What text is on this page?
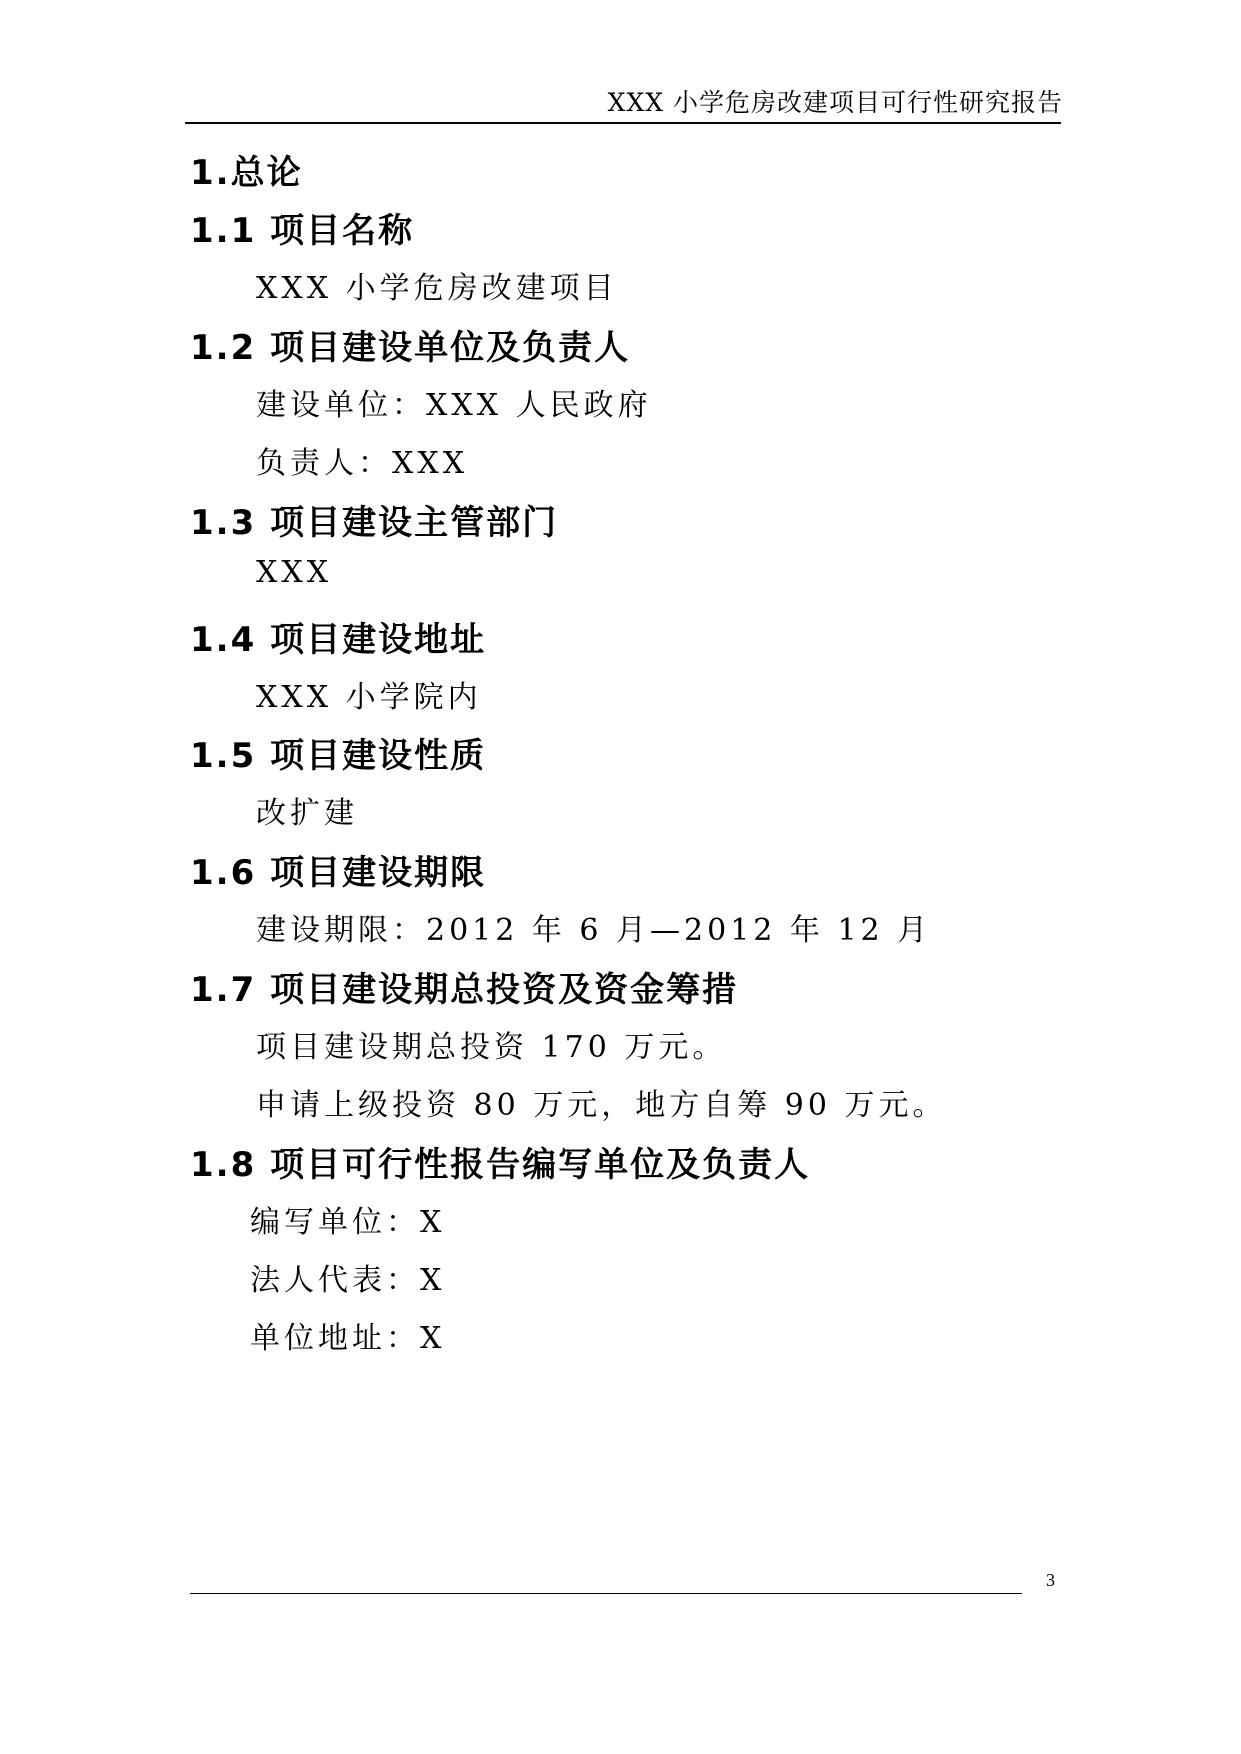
XXX 小学危房改建项目可行性研究报告
1.总论
1.1 项目名称
XXX 小学危房改建项目
1.2 项目建设单位及负责人
建设单位：XXX 人民政府
负责人：XXX
1.3 项目建设主管部门
XXX
1.4 项目建设地址
XXX 小学院内
1.5 项目建设性质
改扩建
1.6 项目建设期限
建设期限：2012 年 6 月—2012 年 12 月
1.7 项目建设期总投资及资金筹措
项目建设期总投资 170 万元。
申请上级投资 80 万元，地方自筹 90 万元。
1.8 项目可行性报告编写单位及负责人
编写单位：X
法人代表：X
单位地址：X
3
